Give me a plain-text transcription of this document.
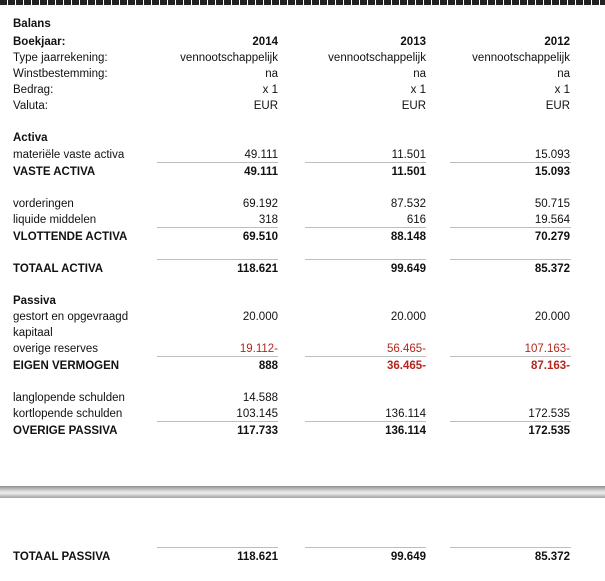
Balans
Boekjaar:	2014	2013	2012
Type jaarrekening:	vennootschappelijk	vennootschappelijk	vennootschappelijk
Winstbestemming:	na	na	na
Bedrag:	x 1	x 1	x 1
Valuta:	EUR	EUR	EUR
Activa
materiële vaste activa	49.111	11.501	15.093
VASTE ACTIVA	49.111	11.501	15.093
vorderingen	69.192	87.532	50.715
liquide middelen	318	616	19.564
VLOTTENDE ACTIVA	69.510	88.148	70.279
TOTAAL ACTIVA	118.621	99.649	85.372
Passiva
gestort en opgevraagd	20.000	20.000	20.000
kapitaal
overige reserves	19.112-	56.465-	107.163-
EIGEN VERMOGEN	888	36.465-	87.163-
langlopende schulden	14.588
kortlopende schulden	103.145	136.114	172.535
OVERIGE PASSIVA	117.733	136.114	172.535
TOTAAL PASSIVA	118.621	99.649	85.372
